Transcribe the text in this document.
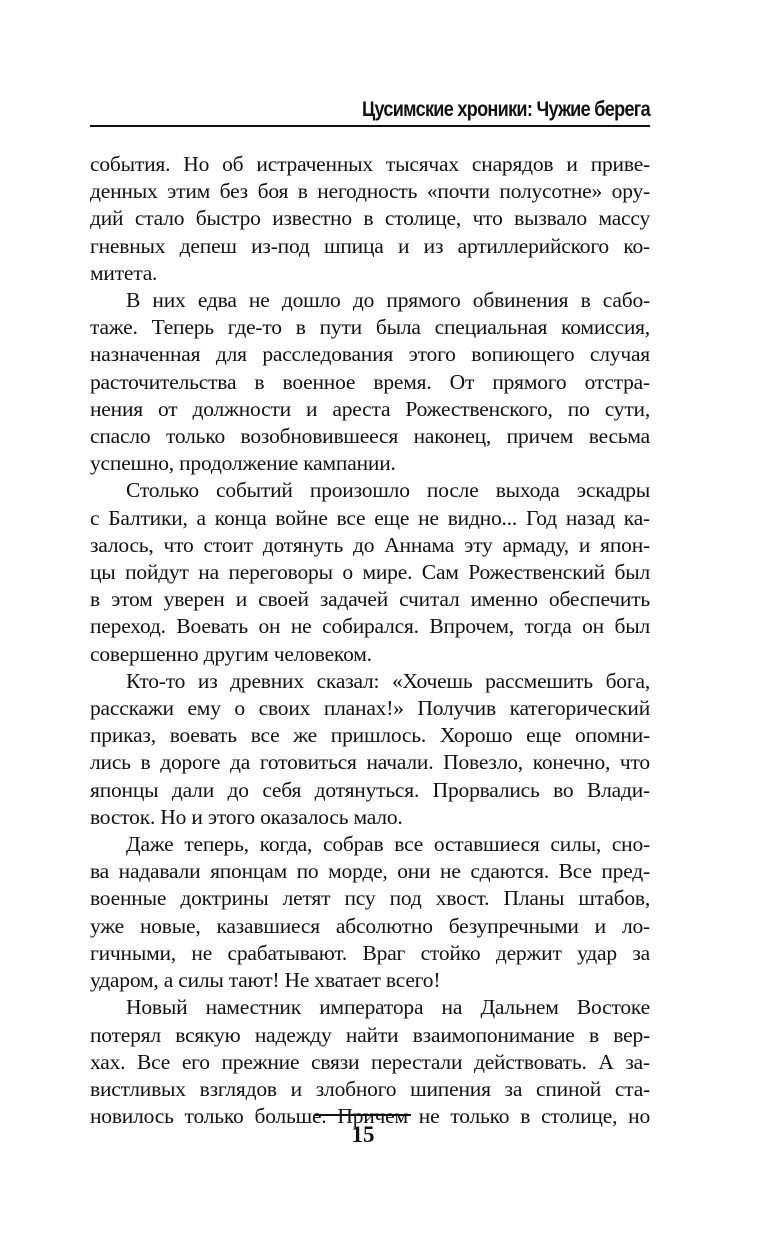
Цусимские хроники: Чужие берега
события. Но об истраченных тысячах снарядов и приве-
денных этим без боя в негодность «почти полусотне» ору-
дий стало быстро известно в столице, что вызвало массу
гневных депеш из-под шпица и из артиллерийского ко-
митета.
В них едва не дошло до прямого обвинения в сабо-
таже. Теперь где-то в пути была специальная комиссия,
назначенная для расследования этого вопиющего случая
расточительства в военное время. От прямого отстра-
нения от должности и ареста Рожественского, по сути,
спасло только возобновившееся наконец, причем весьма
успешно, продолжение кампании.
Столько событий произошло после выхода эскадры
с Балтики, а конца войне все еще не видно... Год назад ка-
залось, что стоит дотянуть до Аннама эту армаду, и япон-
цы пойдут на переговоры о мире. Сам Рожественский был
в этом уверен и своей задачей считал именно обеспечить
переход. Воевать он не собирался. Впрочем, тогда он был
совершенно другим человеком.
Кто-то из древних сказал: «Хочешь рассмешить бога,
расскажи ему о своих планах!» Получив категорический
приказ, воевать все же пришлось. Хорошо еще опомни-
лись в дороге да готовиться начали. Повезло, конечно, что
японцы дали до себя дотянуться. Прорвались во Влади-
восток. Но и этого оказалось мало.
Даже теперь, когда, собрав все оставшиеся силы, сно-
ва надавали японцам по морде, они не сдаются. Все пред-
военные доктрины летят псу под хвост. Планы штабов,
уже новые, казавшиеся абсолютно безупречными и ло-
гичными, не срабатывают. Враг стойко держит удар за
ударом, а силы тают! Не хватает всего!
Новый наместник императора на Дальнем Востоке
потерял всякую надежду найти взаимопонимание в вер-
хах. Все его прежние связи перестали действовать. А за-
вистливых взглядов и злобного шипения за спиной ста-
новилось только больше. Причем не только в столице, но
15
